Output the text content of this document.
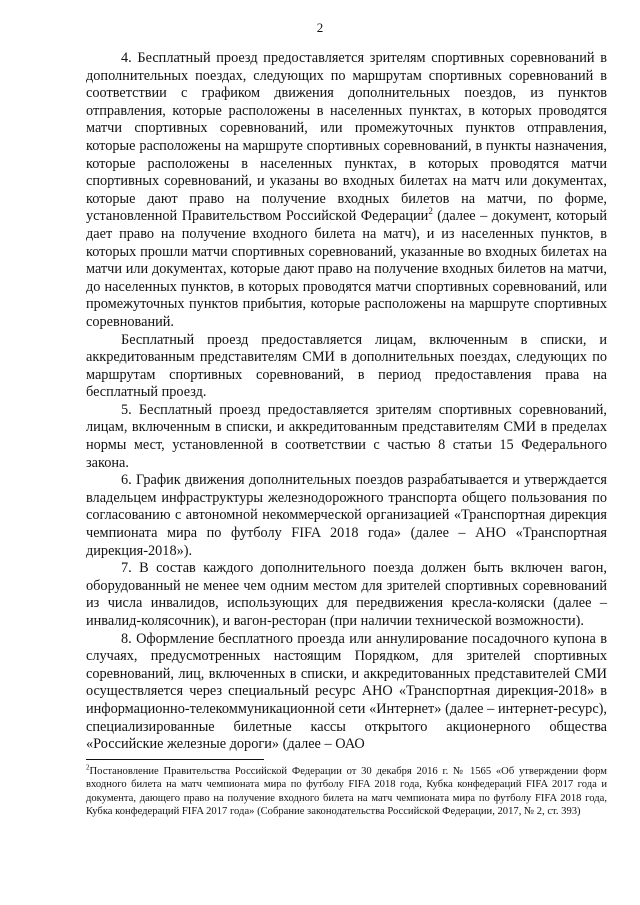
2

4. Бесплатный проезд предоставляется зрителям спортивных соревнований в дополнительных поездах, следующих по маршрутам спортивных соревнований в соответствии с графиком движения дополнительных поездов, из пунктов отправления, которые расположены в населенных пунктах, в которых проводятся матчи спортивных соревнований, или промежуточных пунктов отправления, которые расположены на маршруте спортивных соревнований, в пункты назначения, которые расположены в населенных пунктах, в которых проводятся матчи спортивных соревнований, и указаны во входных билетах на матч или документах, которые дают право на получение входных билетов на матчи, по форме, установленной Правительством Российской Федерации$^2$ (далее – документ, который дает право на получение входного билета на матч), и из населенных пунктов, в которых прошли матчи спортивных соревнований, указанные во входных билетах на матчи или документах, которые дают право на получение входных билетов на матчи, до населенных пунктов, в которых проводятся матчи спортивных соревнований, или промежуточных пунктов прибытия, которые расположены на маршруте спортивных соревнований.

Бесплатный проезд предоставляется лицам, включенным в списки, и аккредитованным представителям СМИ в дополнительных поездах, следующих по маршрутам спортивных соревнований, в период предоставления права на бесплатный проезд.

5. Бесплатный проезд предоставляется зрителям спортивных соревнований, лицам, включенным в списки, и аккредитованным представителям СМИ в пределах нормы мест, установленной в соответствии с частью 8 статьи 15 Федерального закона.

6. График движения дополнительных поездов разрабатывается и утверждается владельцем инфраструктуры железнодорожного транспорта общего пользования по согласованию с автономной некоммерческой организацией «Транспортная дирекция чемпионата мира по футболу FIFA 2018 года» (далее – АНО «Транспортная дирекция-2018»).

7. В состав каждого дополнительного поезда должен быть включен вагон, оборудованный не менее чем одним местом для зрителей спортивных соревнований из числа инвалидов, использующих для передвижения кресла-коляски (далее – инвалид-колясочник), и вагон-ресторан (при наличии технической возможности).

8. Оформление бесплатного проезда или аннулирование посадочного купона в случаях, предусмотренных настоящим Порядком, для зрителей спортивных соревнований, лиц, включенных в списки, и аккредитованных представителей СМИ осуществляется через специальный ресурс АНО «Транспортная дирекция-2018» в информационно-телекоммуникационной сети «Интернет» (далее – интернет-ресурс), специализированные билетные кассы открытого акционерного общества «Российские железные дороги» (далее – ОАО

$^2$Постановление Правительства Российской Федерации от 30 декабря 2016 г. № 1565 «Об утверждении форм входного билета на матч чемпионата мира по футболу FIFA 2018 года, Кубка конфедераций FIFA 2017 года и документа, дающего право на получение входного билета на матч чемпионата мира по футболу FIFA 2018 года, Кубка конфедераций FIFA 2017 года» (Собрание законодательства Российской Федерации, 2017, № 2, ст. 393)
